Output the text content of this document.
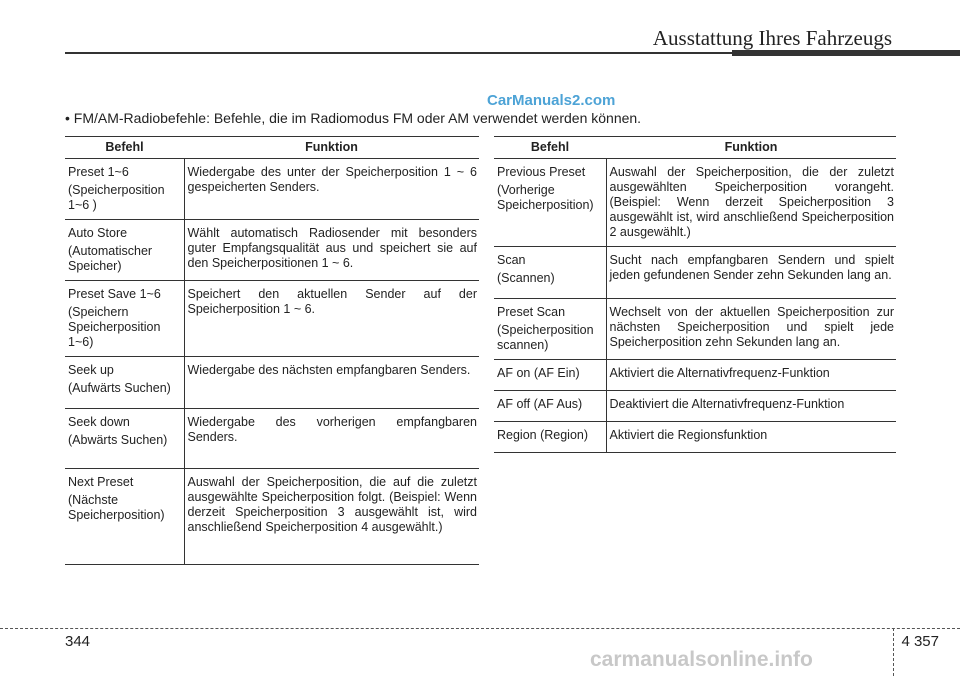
Ausstattung Ihres Fahrzeugs
CarManuals2.com
• FM/AM-Radiobefehle: Befehle, die im Radiomodus FM oder AM verwendet werden können.
Befehl	Funktion

Preset 1~6
(Speicherposition 1~6 )	Wiedergabe des unter der Speicherposition 1 ~ 6 gespeicherten Senders.

Auto Store
(Automatischer Speicher)	Wählt automatisch Radiosender mit besonders guter Empfangsqualität aus und speichert sie auf den Speicherpositionen 1 ~ 6.

Preset Save 1~6
(Speichern Speicherposition 1~6)	Speichert den aktuellen Sender auf der Speicherposition 1 ~ 6.

Seek up
(Aufwärts Suchen)	Wiedergabe des nächsten empfangbaren Senders.

Seek down
(Abwärts Suchen)	Wiedergabe des vorherigen empfangbaren Senders.

Next Preset
(Nächste Speicherposition)	Auswahl der Speicherposition, die auf die zuletzt ausgewählte Speicherposition folgt. (Beispiel: Wenn derzeit Speicherposition 3 ausgewählt ist, wird anschließend Speicherposition 4 ausgewählt.)
Befehl	Funktion

Previous Preset
(Vorherige Speicherposition)	Auswahl der Speicherposition, die der zuletzt ausgewählten Speicherposition vorangeht. (Beispiel: Wenn derzeit Speicherposition 3 ausgewählt ist, wird anschließend Speicherposition 2 ausgewählt.)

Scan
(Scannen)	Sucht nach empfangbaren Sendern und spielt jeden gefundenen Sender zehn Sekunden lang an.

Preset Scan
(Speicherposition scannen)	Wechselt von der aktuellen Speicherposition zur nächsten Speicherposition und spielt jede Speicherposition zehn Sekunden lang an.

AF on (AF Ein)	Aktiviert die Alternativfrequenz-Funktion

AF off (AF Aus)	Deaktiviert die Alternativfrequenz-Funktion

Region (Region)	Aktiviert die Regionsfunktion
344	4 357
carmanualsonline.info
